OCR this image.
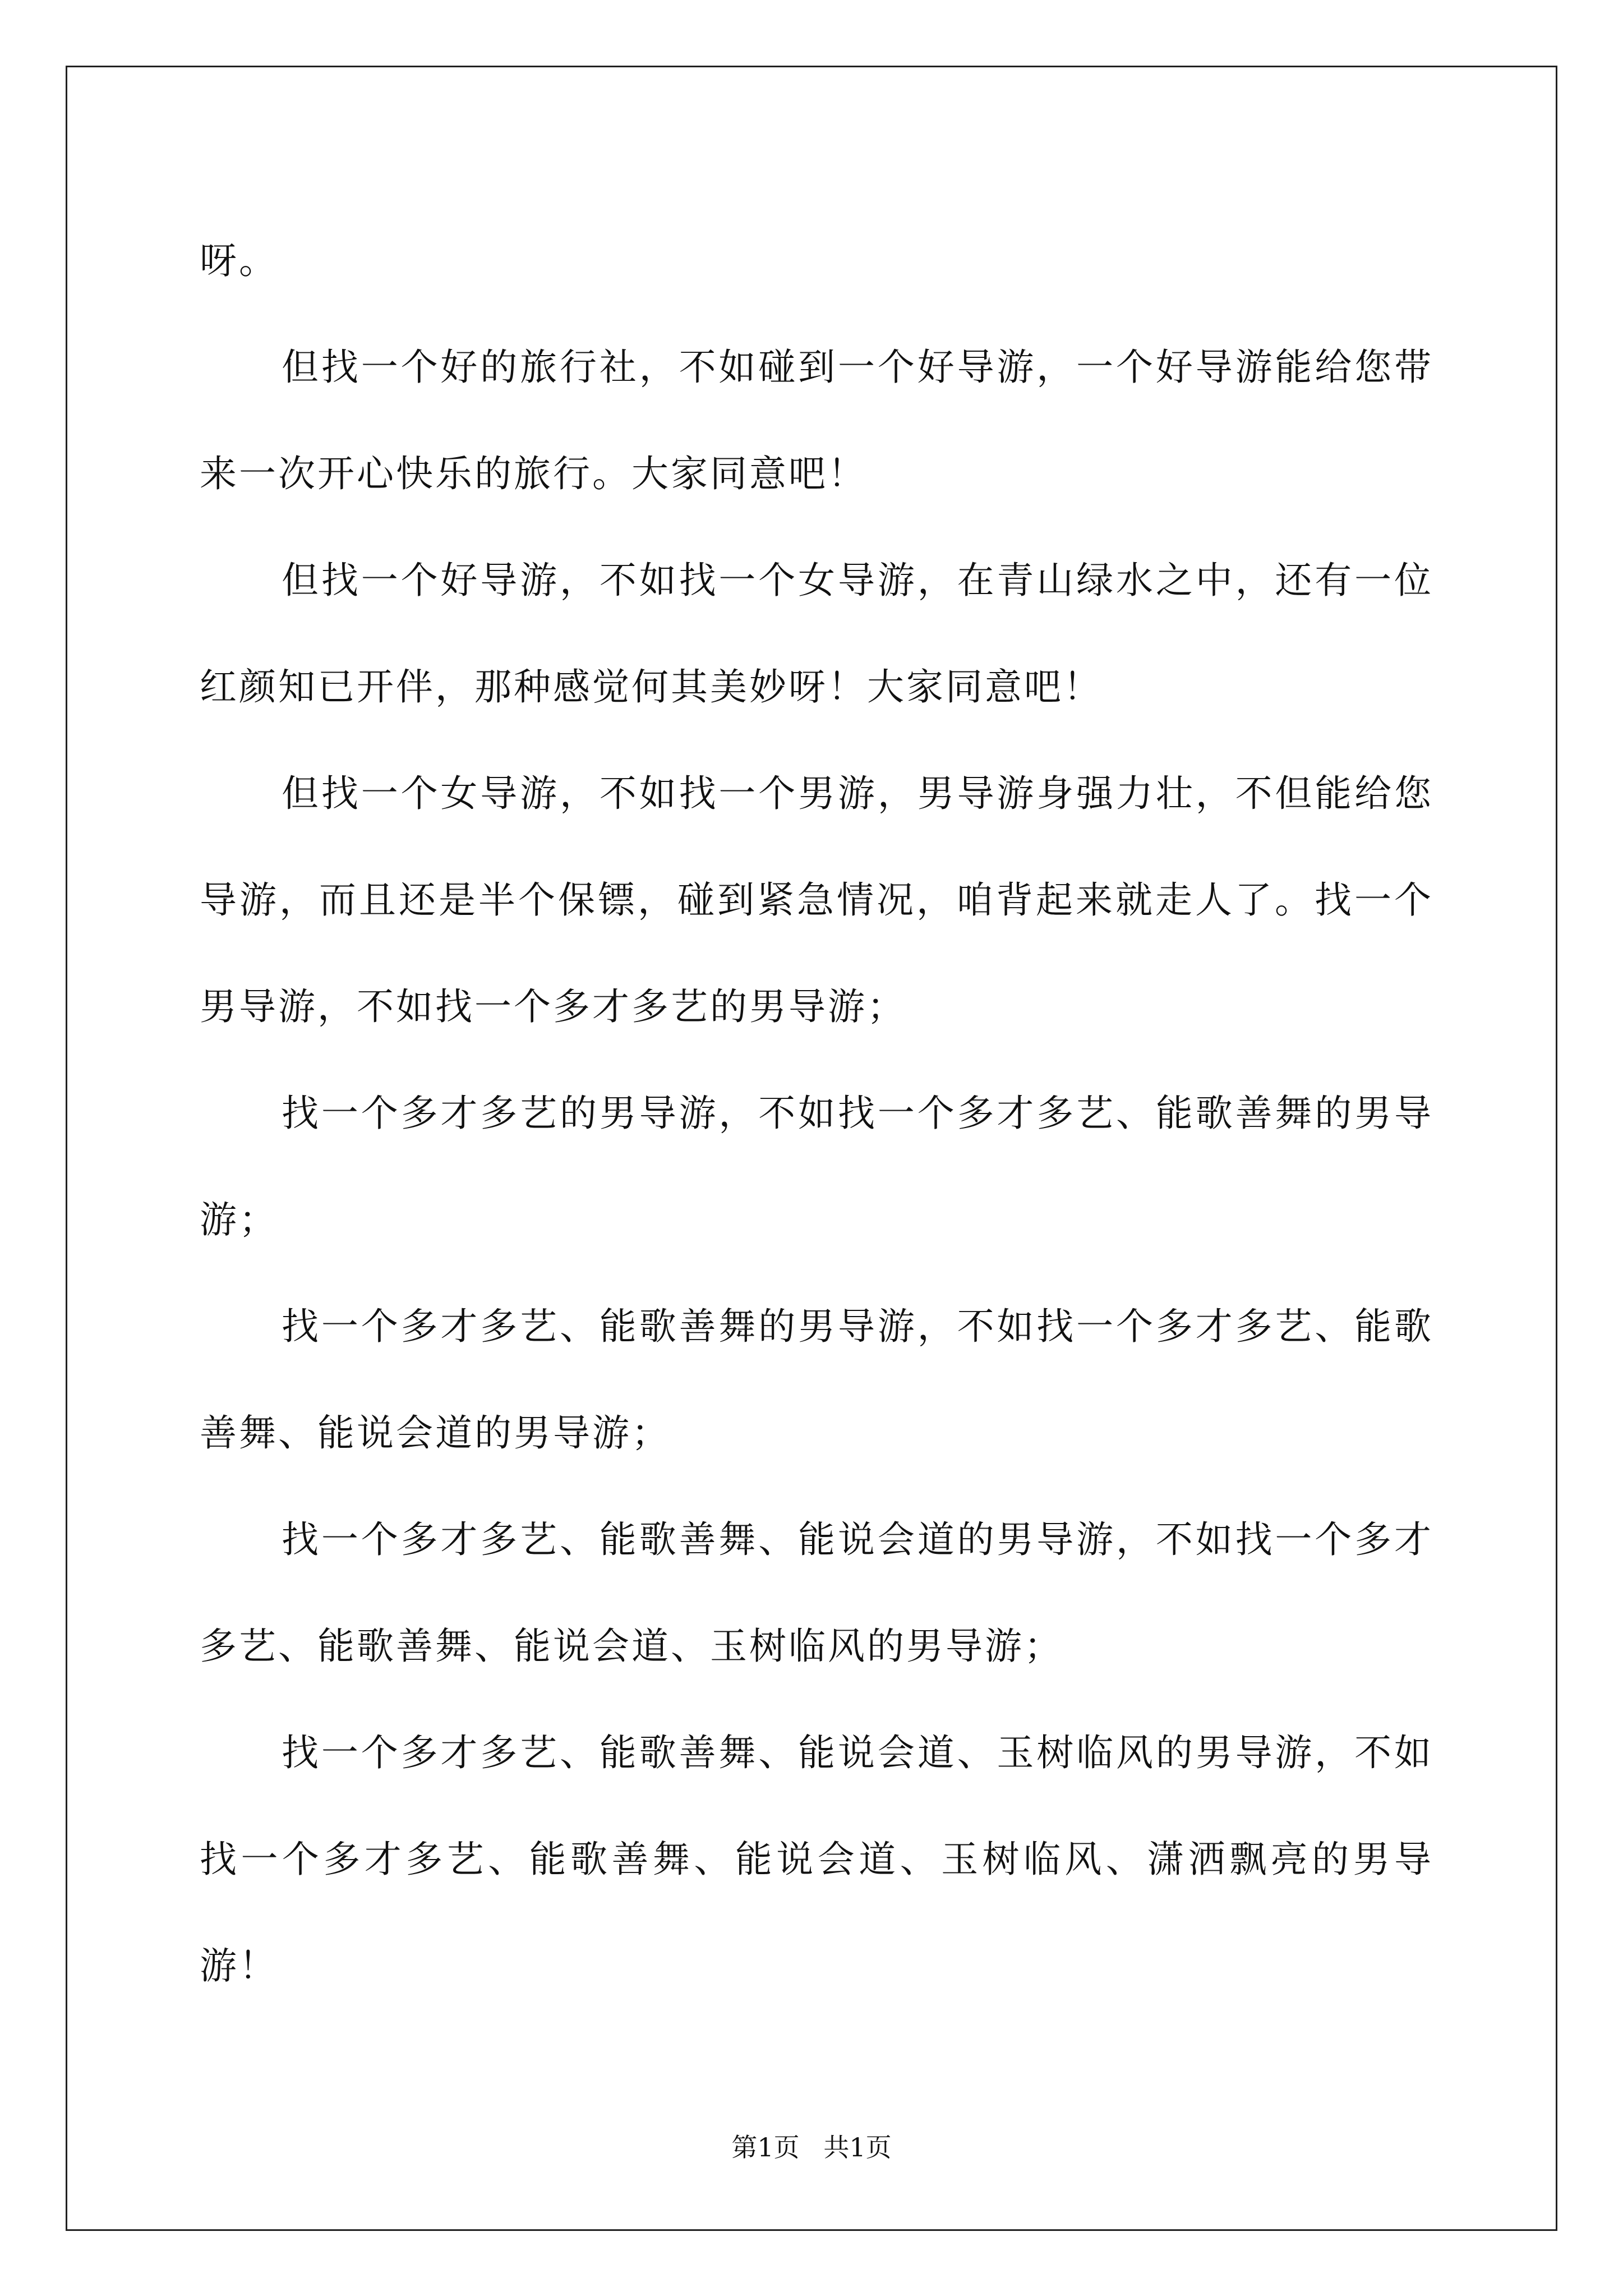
呀。

但找一个好的旅行社，不如碰到一个好导游，一个好导游能给您带来一次开心快乐的旅行。大家同意吧！

但找一个好导游，不如找一个女导游，在青山绿水之中，还有一位红颜知已开伴，那种感觉何其美妙呀！大家同意吧！

但找一个女导游，不如找一个男游，男导游身强力壮，不但能给您导游，而且还是半个保镖，碰到紧急情况，咱背起来就走人了。找一个男导游，不如找一个多才多艺的男导游；

找一个多才多艺的男导游，不如找一个多才多艺、能歌善舞的男导游；

找一个多才多艺、能歌善舞的男导游，不如找一个多才多艺、能歌善舞、能说会道的男导游；

找一个多才多艺、能歌善舞、能说会道的男导游，不如找一个多才多艺、能歌善舞、能说会道、玉树临风的男导游；

找一个多才多艺、能歌善舞、能说会道、玉树临风的男导游，不如找一个多才多艺、能歌善舞、能说会道、玉树临风、潇洒飘亮的男导游！

第1页 共1页
